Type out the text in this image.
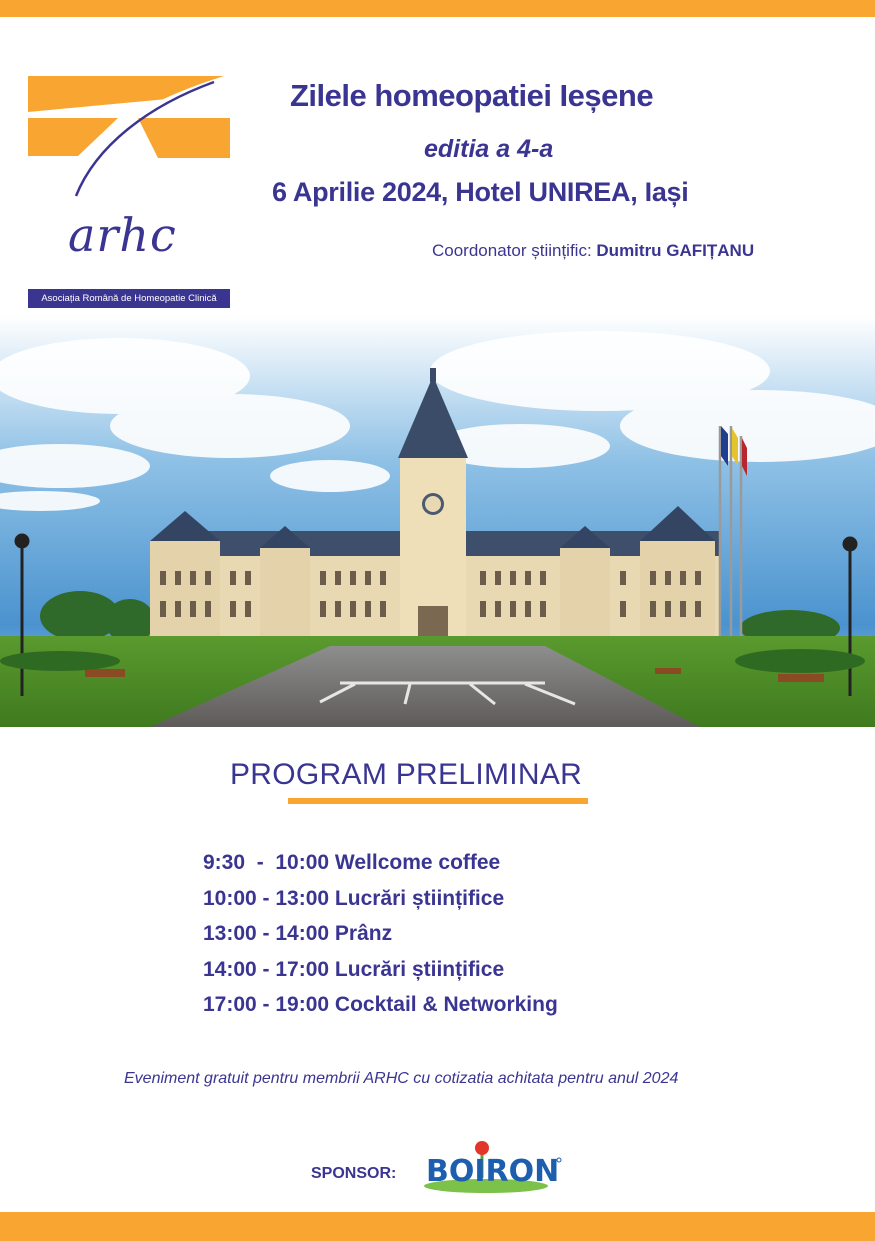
arhc
Asociația Română de Homeopatie Clinică
Zilele homeopatiei Ieșene
editia a 4-a
6 Aprilie 2024, Hotel UNIREA, Iași
Coordonator științific: Dumitru GAFIȚANU
PROGRAM PRELIMINAR
9:30  -  10:00 Wellcome coffee
10:00 - 13:00 Lucrări științifice
13:00 - 14:00 Prânz
14:00 - 17:00 Lucrări științifice
17:00 - 19:00 Cocktail & Networking
Eveniment gratuit pentru membrii ARHC cu cotizatia achitata pentru anul 2024
SPONSOR: BOIRON
